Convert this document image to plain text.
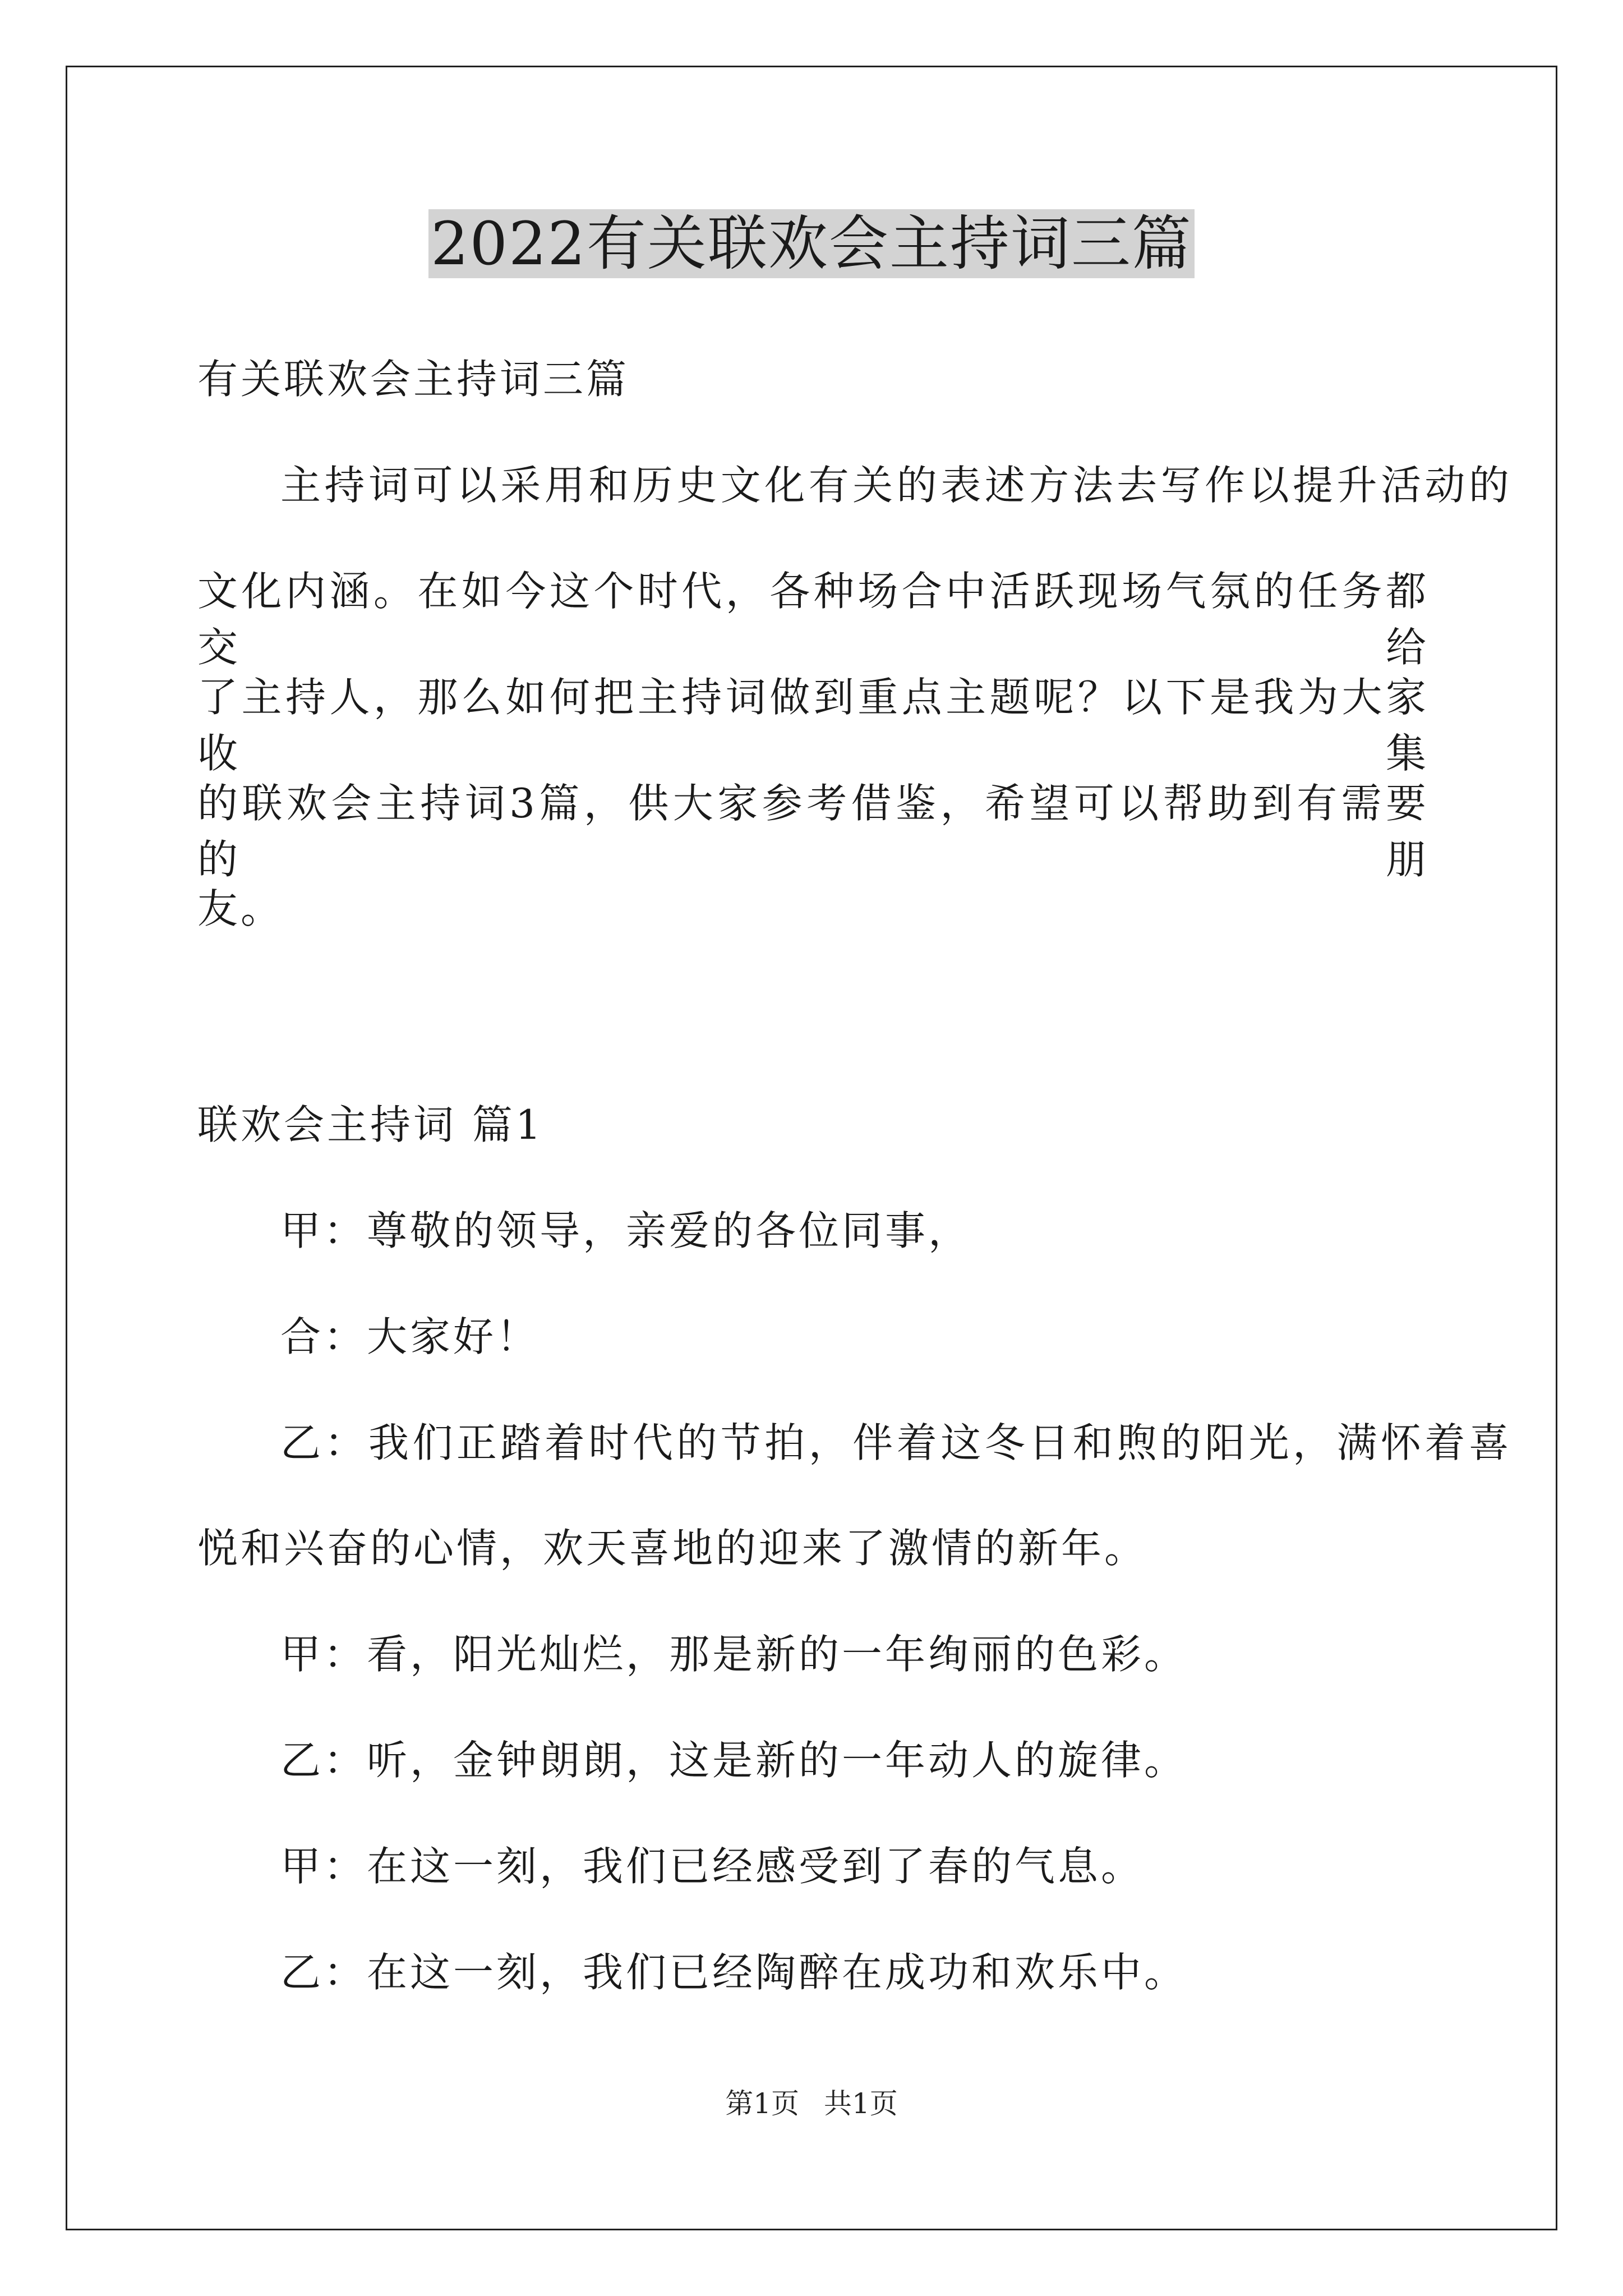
2022有关联欢会主持词三篇
有关联欢会主持词三篇
主持词可以采用和历史文化有关的表述方法去写作以提升活动的
文化内涵。在如今这个时代，各种场合中活跃现场气氛的任务都交给
了主持人，那么如何把主持词做到重点主题呢？以下是我为大家收集
的联欢会主持词3篇，供大家参考借鉴，希望可以帮助到有需要的朋
友。
联欢会主持词 篇1
甲：尊敬的领导，亲爱的各位同事，
合：大家好！
乙：我们正踏着时代的节拍，伴着这冬日和煦的阳光，满怀着喜
悦和兴奋的心情，欢天喜地的迎来了激情的新年。
甲：看，阳光灿烂，那是新的一年绚丽的色彩。
乙：听，金钟朗朗，这是新的一年动人的旋律。
甲：在这一刻，我们已经感受到了春的气息。
乙：在这一刻，我们已经陶醉在成功和欢乐中。
第1页 共1页
